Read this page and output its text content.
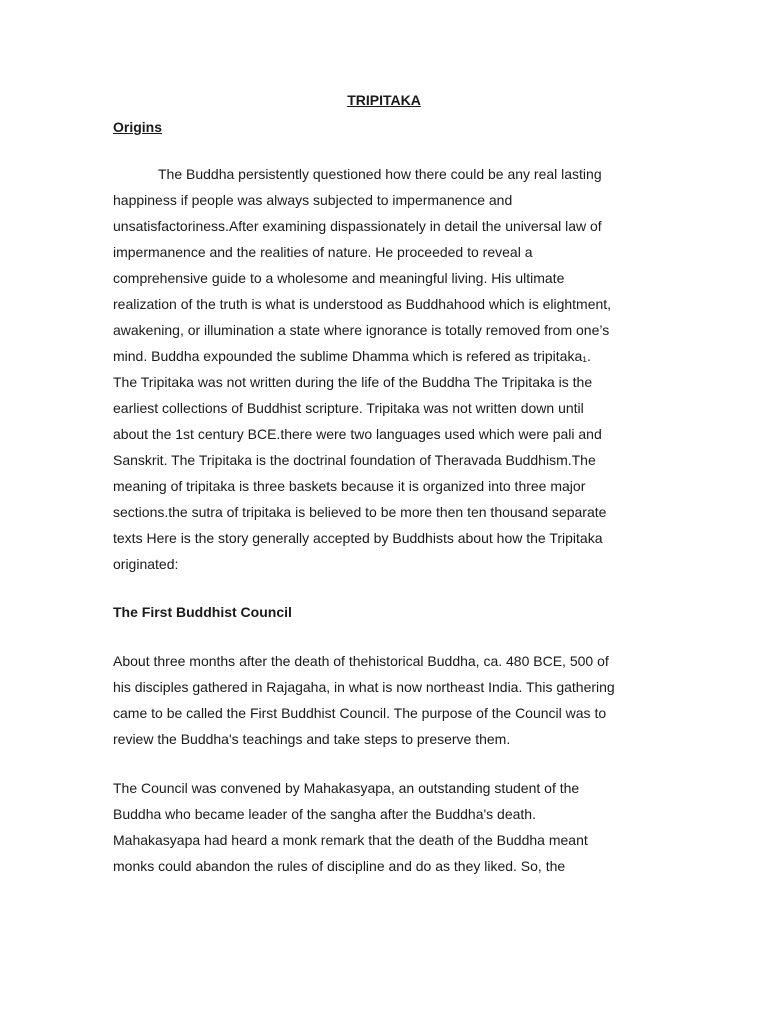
TRIPITAKA
Origins

The Buddha persistently questioned how there could be any real lasting
happiness if people was always subjected to impermanence and
unsatisfactoriness.After examining dispassionately in detail the universal law of
impermanence and the realities of nature. He proceeded to reveal a
comprehensive guide to a wholesome and meaningful living. His ultimate
realization of the truth is what is understood as Buddhahood which is elightment,
awakening, or illumination a state where ignorance is totally removed from one’s
mind. Buddha expounded the sublime Dhamma which is refered as tripitaka₁.
The Tripitaka was not written during the life of the Buddha The Tripitaka is the
earliest collections of Buddhist scripture. Tripitaka was not written down until
about the 1st century BCE.there were two languages used which were pali and
Sanskrit. The Tripitaka is the doctrinal foundation of Theravada Buddhism.The
meaning of tripitaka is three baskets because it is organized into three major
sections.the sutra of tripitaka is believed to be more then ten thousand separate
texts Here is the story generally accepted by Buddhists about how the Tripitaka
originated:

The First Buddhist Council

About three months after the death of thehistorical Buddha, ca. 480 BCE, 500 of
his disciples gathered in Rajagaha, in what is now northeast India. This gathering
came to be called the First Buddhist Council. The purpose of the Council was to
review the Buddha's teachings and take steps to preserve them.

The Council was convened by Mahakasyapa, an outstanding student of the
Buddha who became leader of the sangha after the Buddha's death.
Mahakasyapa had heard a monk remark that the death of the Buddha meant
monks could abandon the rules of discipline and do as they liked. So, the
